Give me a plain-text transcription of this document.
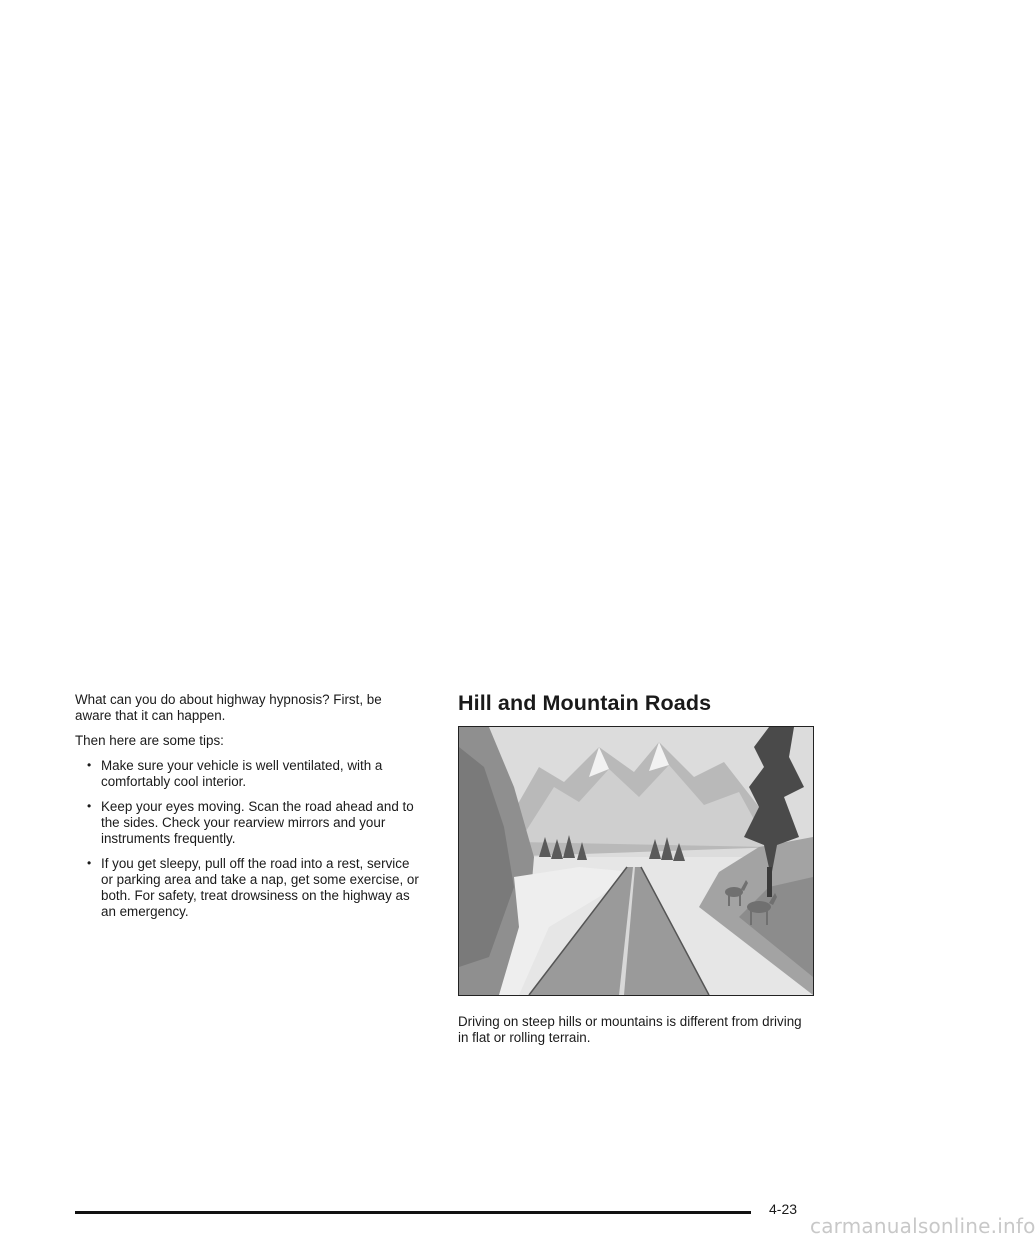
What can you do about highway hypnosis? First, be aware that it can happen.

Then here are some tips:

• Make sure your vehicle is well ventilated, with a comfortably cool interior.
• Keep your eyes moving. Scan the road ahead and to the sides. Check your rearview mirrors and your instruments frequently.
• If you get sleepy, pull off the road into a rest, service or parking area and take a nap, get some exercise, or both. For safety, treat drowsiness on the highway as an emergency.
Hill and Mountain Roads

Driving on steep hills or mountains is different from driving in flat or rolling terrain.

4-23
carmanualsonline.info
